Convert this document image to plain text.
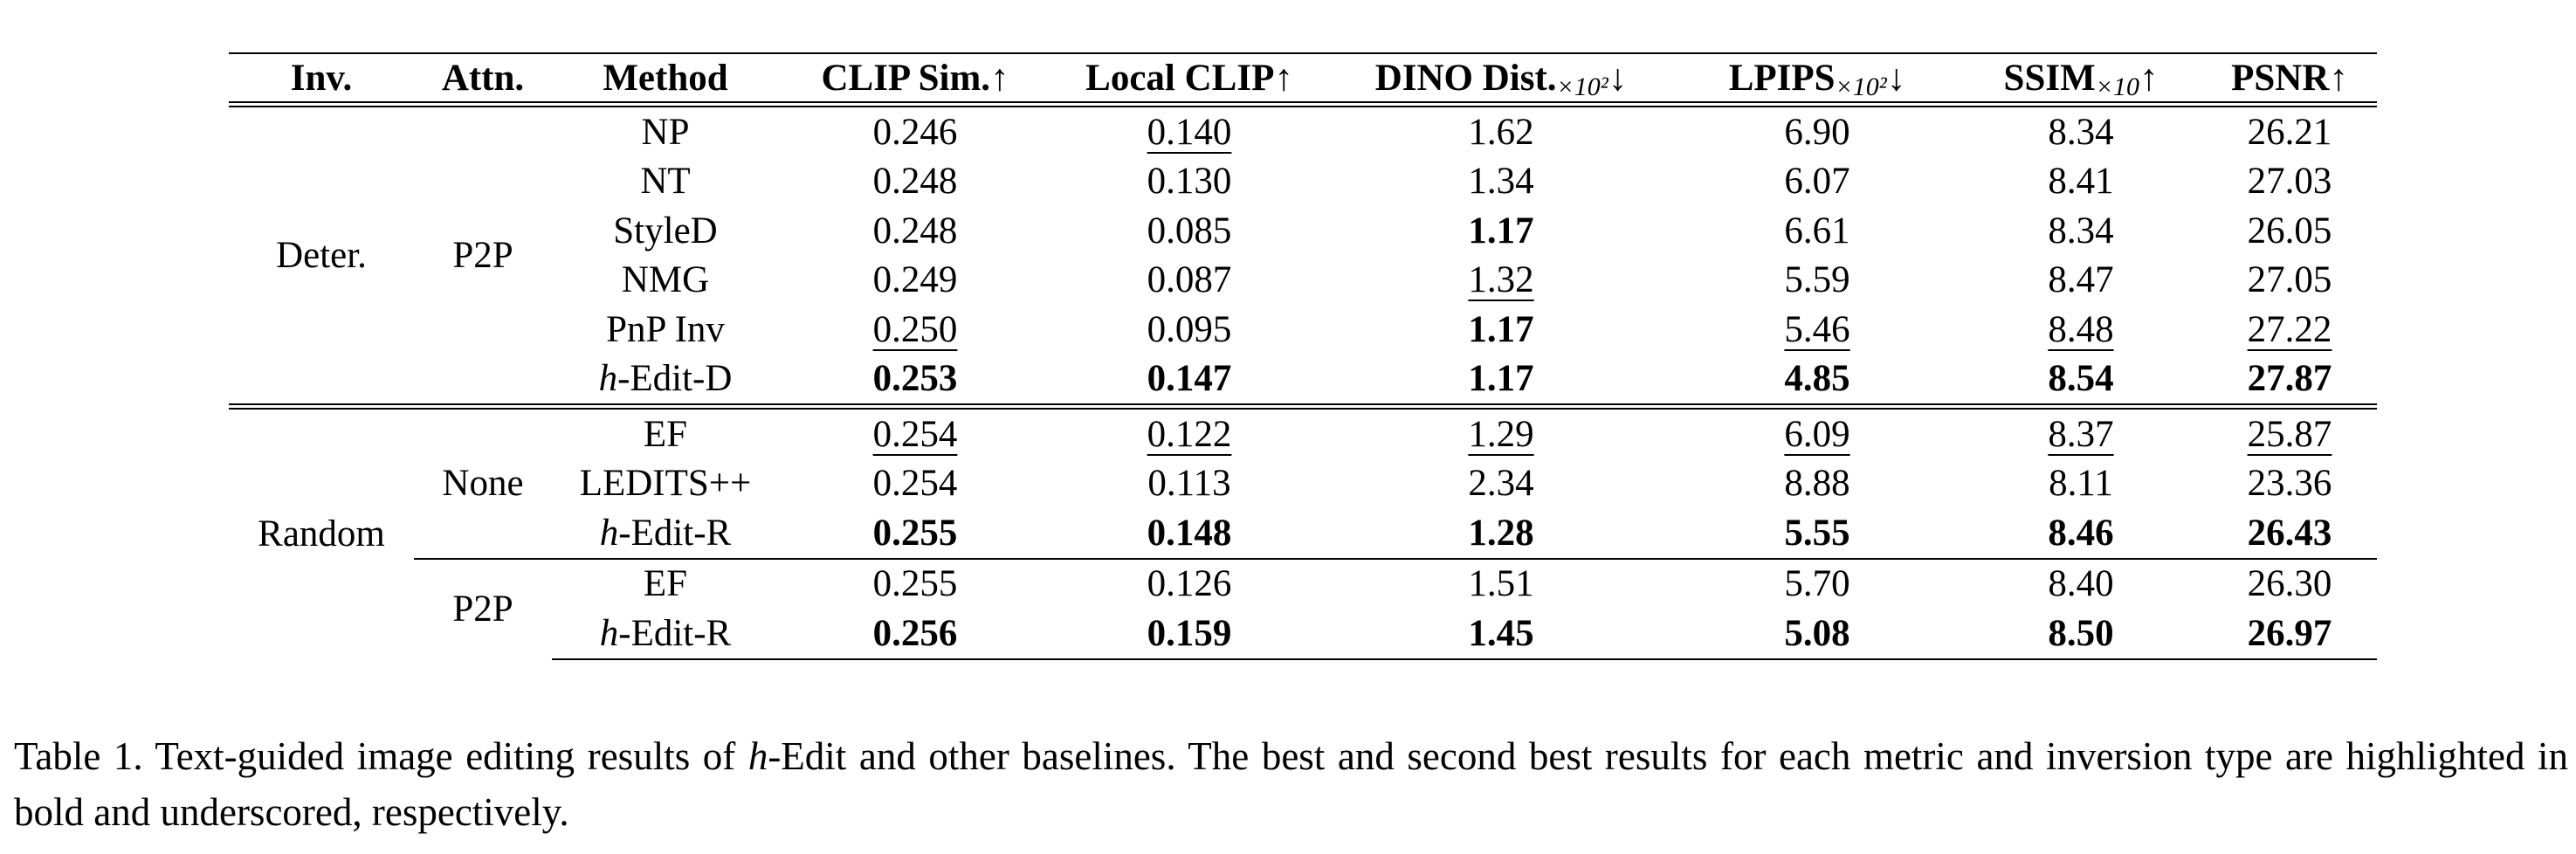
Inv.	Attn.	Method	CLIP Sim.↑	Local CLIP↑	DINO Dist.×10²↓	LPIPS×10²↓	SSIM×10↑	PSNR↑
Deter.	P2P	NP	0.246	0.140	1.62	6.90	8.34	26.21
		NT	0.248	0.130	1.34	6.07	8.41	27.03
		StyleD	0.248	0.085	1.17	6.61	8.34	26.05
		NMG	0.249	0.087	1.32	5.59	8.47	27.05
		PnP Inv	0.250	0.095	1.17	5.46	8.48	27.22
		h-Edit-D	0.253	0.147	1.17	4.85	8.54	27.87
Random	None	EF	0.254	0.122	1.29	6.09	8.37	25.87
		LEDITS++	0.254	0.113	2.34	8.88	8.11	23.36
		h-Edit-R	0.255	0.148	1.28	5.55	8.46	26.43
	P2P	EF	0.255	0.126	1.51	5.70	8.40	26.30
		h-Edit-R	0.256	0.159	1.45	5.08	8.50	26.97

Table 1. Text-guided image editing results of h-Edit and other baselines. The best and second best results for each metric and inversion type are highlighted in bold and underscored, respectively.
